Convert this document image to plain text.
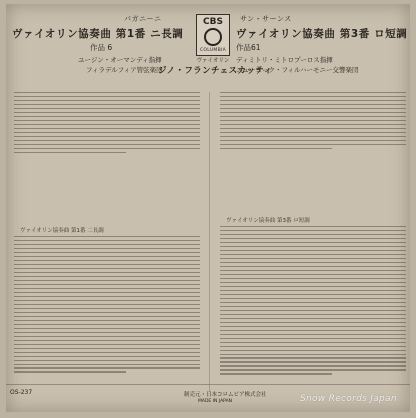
パガニーニ
ヴァイオリン協奏曲 第1番 ニ長調
作品 6
ユージン・オーマンディ指揮
フィラデルフィア管弦楽団
ヴァイオリン協奏曲 第1番 二長調
CBS
COLUMBIA
ヴァイオリン
ジノ・フランチェスカッティ
サン・サーンス
ヴァイオリン協奏曲 第3番 ロ短調
作品61
ディミトリ・ミトロプーロス指揮
ニューヨーク・フィルハーモニー交響楽団
ヴァイオリン協奏曲 第3番 ロ短調
OS-237	制売元・日本コロムビア株式会社
MADE IN JAPAN	Snow Records Japan
